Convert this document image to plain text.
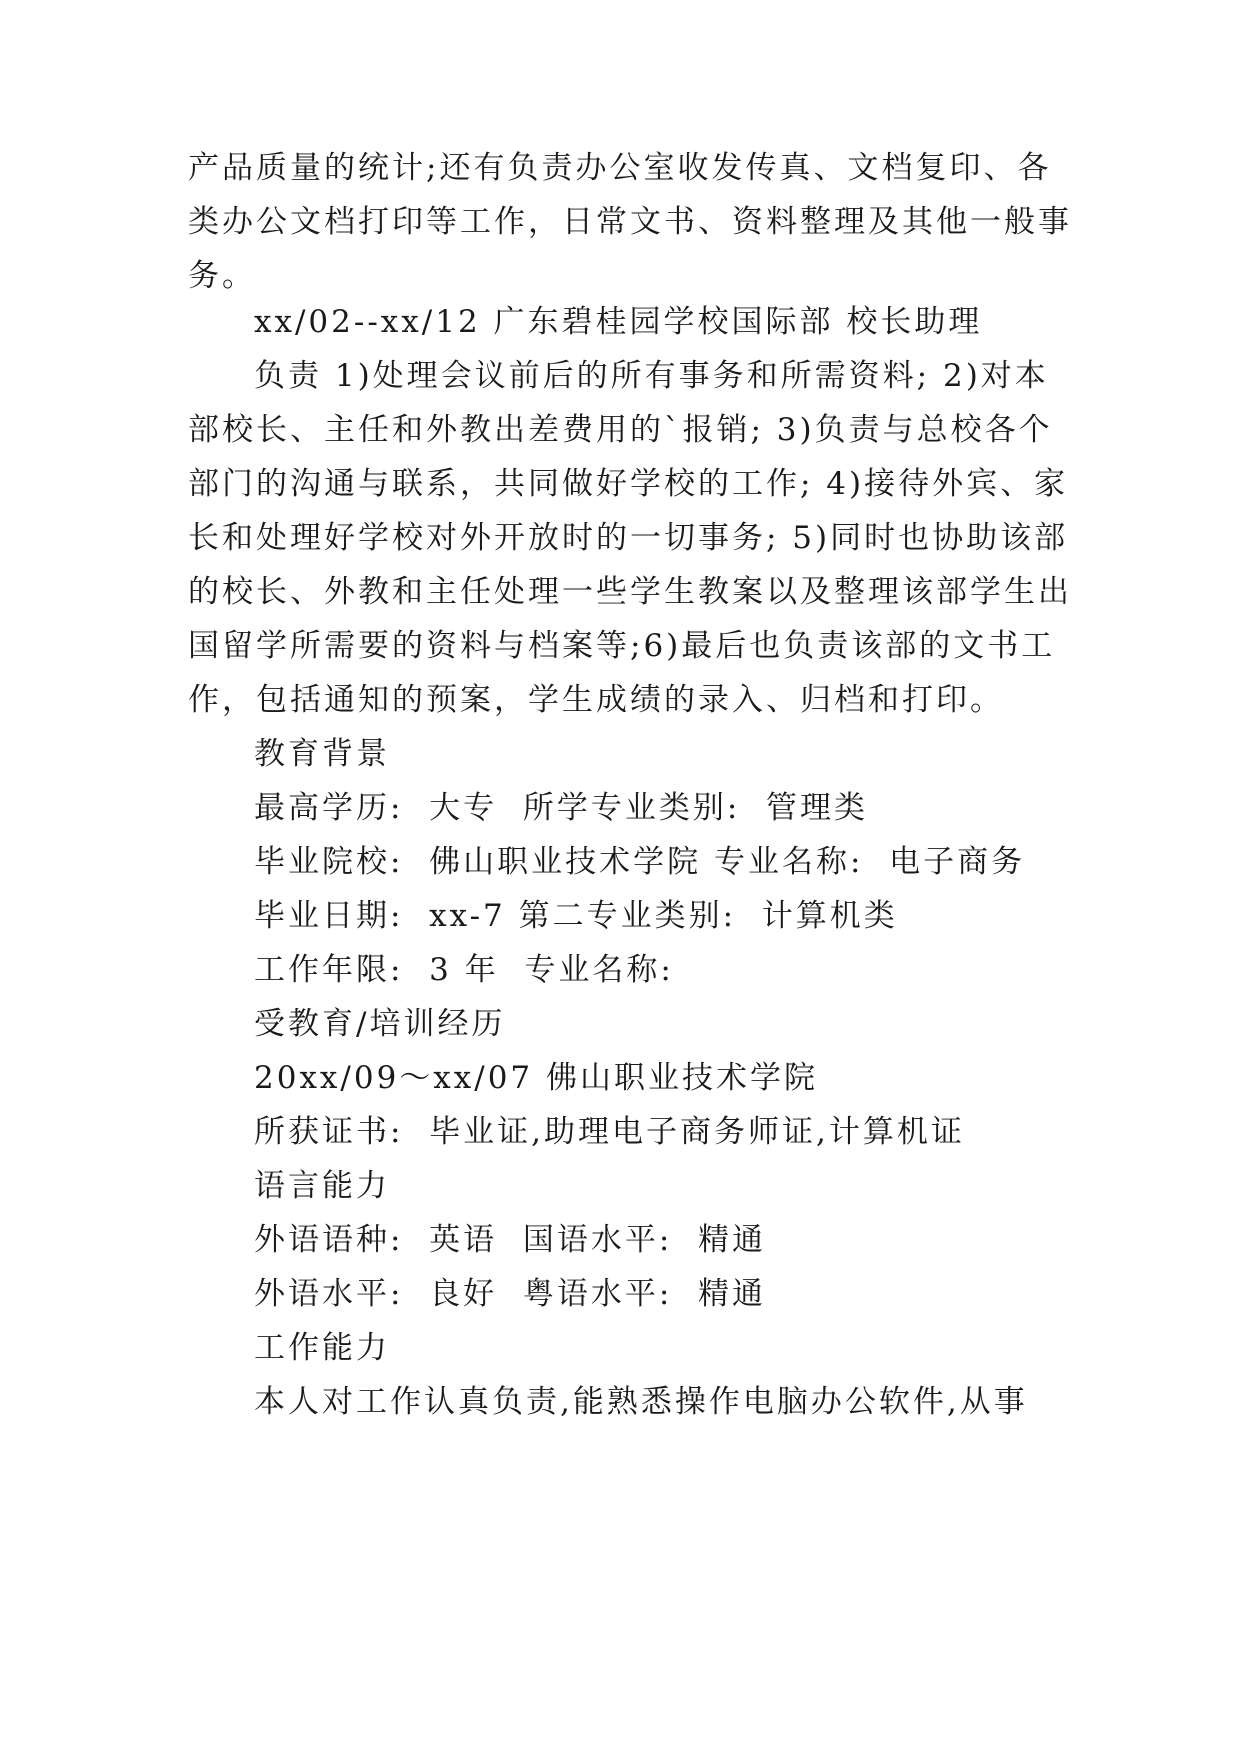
产品质量的统计;还有负责办公室收发传真、文档复印、各
类办公文档打印等工作，日常文书、资料整理及其他一般事
务。
xx/02--xx/12 广东碧桂园学校国际部 校长助理
负责 1)处理会议前后的所有事务和所需资料; 2)对本
部校长、主任和外教出差费用的`报销; 3)负责与总校各个
部门的沟通与联系，共同做好学校的工作; 4)接待外宾、家
长和处理好学校对外开放时的一切事务; 5)同时也协助该部
的校长、外教和主任处理一些学生教案以及整理该部学生出
国留学所需要的资料与档案等;6)最后也负责该部的文书工
作，包括通知的预案，学生成绩的录入、归档和打印。
教育背景
最高学历:  大专  所学专业类别:  管理类
毕业院校:  佛山职业技术学院 专业名称:  电子商务
毕业日期:  xx-7 第二专业类别:  计算机类
工作年限:  3 年  专业名称:
受教育/培训经历
20xx/09～xx/07 佛山职业技术学院
所获证书:  毕业证,助理电子商务师证,计算机证
语言能力
外语语种:  英语  国语水平:  精通
外语水平:  良好  粤语水平:  精通
工作能力
本人对工作认真负责,能熟悉操作电脑办公软件,从事
